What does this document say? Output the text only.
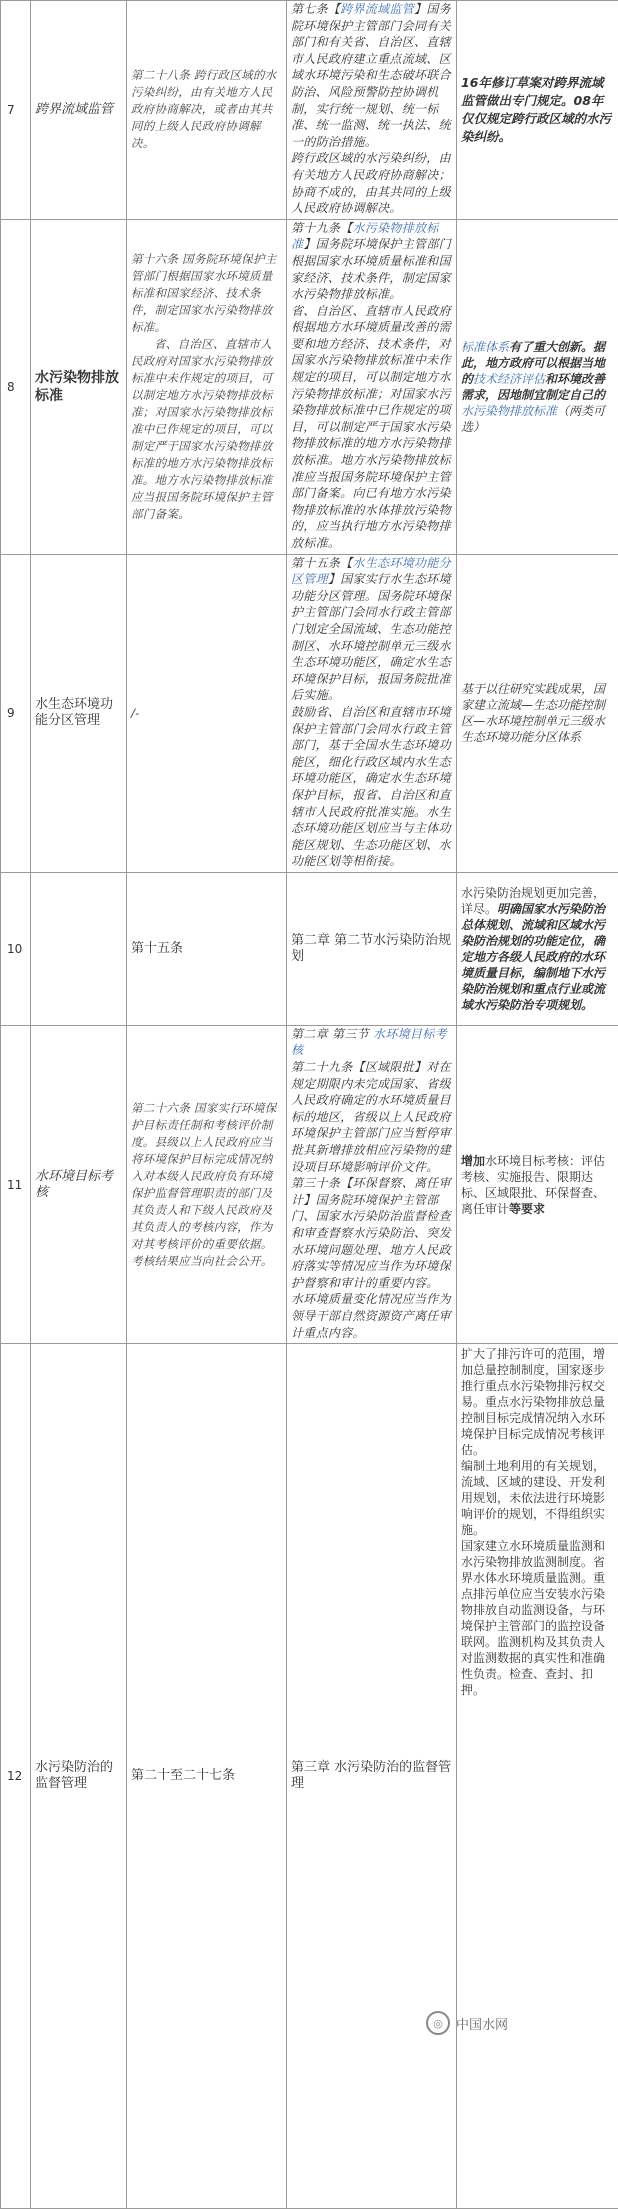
7	跨界流域监管	第二十八条 跨行政区域的水污染纠纷，由有关地方人民政府协商解决，或者由其共同的上级人民政府协调解决。	第七条【跨界流域监管】国务院环境保护主管部门会同有关部门和有关省、自治区、直辖市人民政府建立重点流域、区域水环境污染和生态破坏联合防治、风险预警防控协调机制，实行统一规划、统一标准、统一监测、统一执法、统一的防治措施。
跨行政区域的水污染纠纷，由有关地方人民政府协商解决；协商不成的，由其共同的上级人民政府协调解决。	16年修订草案对跨界流域监管做出专门规定。08年仅仅规定跨行政区域的水污染纠纷。
8	水污染物排放标准	第十六条 国务院环境保护主管部门根据国家水环境质量标准和国家经济、技术条件，制定国家水污染物排放标准。
省、自治区、直辖市人民政府对国家水污染物排放标准中未作规定的项目，可以制定地方水污染物排放标准；对国家水污染物排放标准中已作规定的项目，可以制定严于国家水污染物排放标准的地方水污染物排放标准。地方水污染物排放标准应当报国务院环境保护主管部门备案。	第十九条【水污染物排放标准】国务院环境保护主管部门根据国家水环境质量标准和国家经济、技术条件，制定国家水污染物排放标准。
省、自治区、直辖市人民政府根据地方水环境质量改善的需要和地方经济、技术条件，对国家水污染物排放标准中未作规定的项目，可以制定地方水污染物排放标准；对国家水污染物排放标准中已作规定的项目，可以制定严于国家水污染物排放标准的地方水污染物排放标准。地方水污染物排放标准应当报国务院环境保护主管部门备案。向已有地方水污染物排放标准的水体排放污染物的，应当执行地方水污染物排放标准。	标准体系有了重大创新。据此，地方政府可以根据当地的技术经济评估和环境改善需求，因地制宜制定自己的水污染物排放标准（两类可选）
9	水生态环境功能分区管理	/-	第十五条【水生态环境功能分区管理】国家实行水生态环境功能分区管理。国务院环境保护主管部门会同水行政主管部门划定全国流域、生态功能控制区、水环境控制单元三级水生态环境功能区，确定水生态环境保护目标，报国务院批准后实施。
鼓励省、自治区和直辖市环境保护主管部门会同水行政主管部门，基于全国水生态环境功能区，细化行政区域内水生态环境功能区，确定水生态环境保护目标，报省、自治区和直辖市人民政府批准实施。水生态环境功能区划应当与主体功能区规划、生态功能区划、水功能区划等相衔接。	基于以往研究实践成果，国家建立流域—生态功能控制区—水环境控制单元三级水生态环境功能分区体系
10		第十五条	第二章 第二节水污染防治规划	水污染防治规划更加完善，详尽。明确国家水污染防治总体规划、流域和区域水污染防治规划的功能定位，确定地方各级人民政府的水环境质量目标，编制地下水污染防治规划和重点行业或流域水污染防治专项规划。
11	水环境目标考核	第二十六条 国家实行环境保护目标责任制和考核评价制度。县级以上人民政府应当将环境保护目标完成情况纳入对本级人民政府负有环境保护监督管理职责的部门及其负责人和下级人民政府及其负责人的考核内容，作为对其考核评价的重要依据。考核结果应当向社会公开。	第二章 第三节 水环境目标考核
第二十九条【区域限批】对在规定期限内未完成国家、省级人民政府确定的水环境质量目标的地区，省级以上人民政府环境保护主管部门应当暂停审批其新增排放相应污染物的建设项目环境影响评价文件。
第三十条【环保督察、离任审计】国务院环境保护主管部门、国家水污染防治监督检查和审查督察水污染防治、突发水环境问题处理、地方人民政府落实等情况应当作为环境保护督察和审计的重要内容。
水环境质量变化情况应当作为领导干部自然资源资产离任审计重点内容。	增加水环境目标考核：评估考核、实施报告、限期达标、区域限批、环保督查、离任审计等要求
12	水污染防治的监督管理	第二十至二十七条	第三章 水污染防治的监督管理	扩大了排污许可的范围，增加总量控制制度，国家逐步推行重点水污染物排污权交易。重点水污染物排放总量控制目标完成情况纳入水环境保护目标完成情况考核评估。
编制土地利用的有关规划，流域、区域的建设、开发利用规划，未依法进行环境影响评价的规划，不得组织实施。
国家建立水环境质量监测和水污染物排放监测制度。省界水体水环境质量监测。重点排污单位应当安装水污染物排放自动监测设备，与环境保护主管部门的监控设备联网。监测机构及其负责人对监测数据的真实性和准确性负责。检查、查封、扣押。
◎	中国水网
